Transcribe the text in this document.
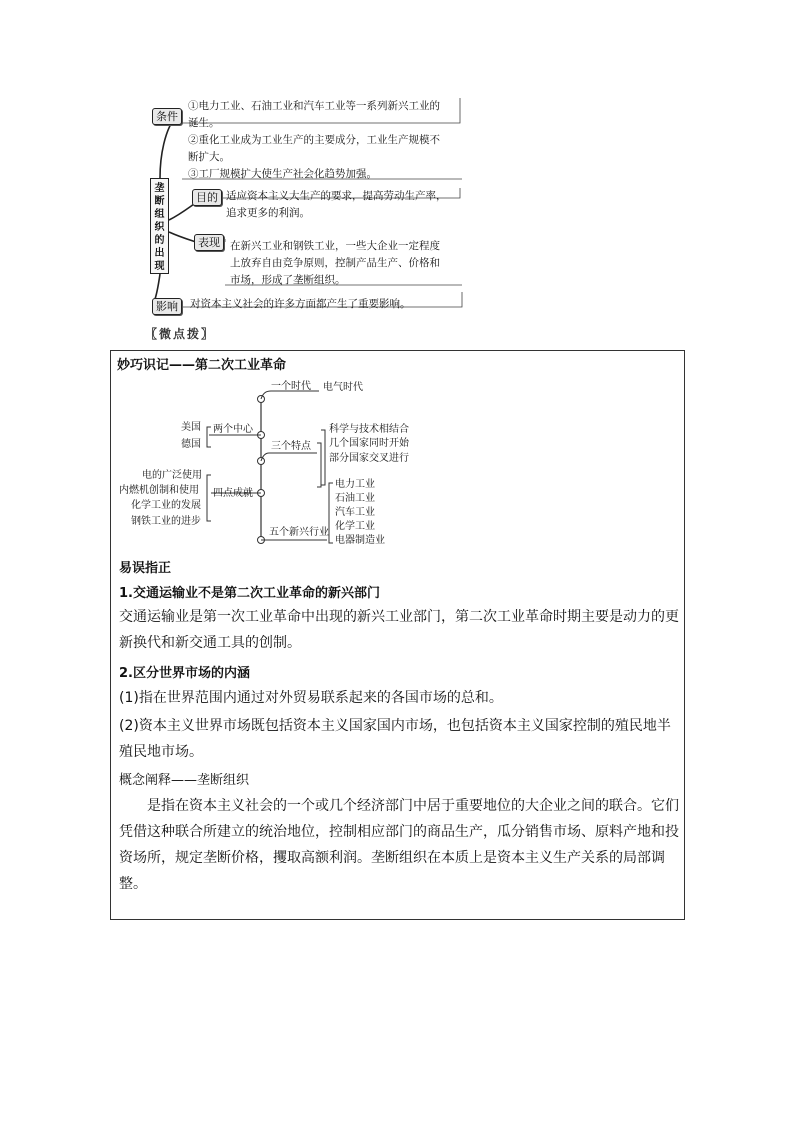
条件
①电力工业、石油工业和汽车工业等一系列新兴工业的
诞生。
②重化工业成为工业生产的主要成分，工业生产规模不
断扩大。
③工厂规模扩大使生产社会化趋势加强。
垄
断
组
织
的
出
现
目的 适应资本主义大生产的要求，提高劳动生产率，
追求更多的利润。
表现 在新兴工业和钢铁工业，一些大企业一定程度
上放弃自由竞争原则，控制产品生产、价格和
市场，形成了垄断组织。
影响	对资本主义社会的许多方面都产生了重要影响。
〖微点拨〗
妙巧识记——第二次工业革命
一个时代 电气时代
美国
德国
两个中心
三个特点
科学与技术相结合
几个国家同时开始
部分国家交叉进行
电的广泛使用
内燃机创制和使用
化学工业的发展
钢铁工业的进步
四点成就
五个新兴行业
电力工业
石油工业
汽车工业
化学工业
电器制造业
易误指正
1.交通运输业不是第二次工业革命的新兴部门
交通运输业是第一次工业革命中出现的新兴工业部门，第二次工业革命时期主要是动力的更新换代和新交通工具的创制。
2.区分世界市场的内涵
(1)指在世界范围内通过对外贸易联系起来的各国市场的总和。
(2)资本主义世界市场既包括资本主义国家国内市场，也包括资本主义国家控制的殖民地半殖民地市场。
概念阐释——垄断组织
是指在资本主义社会的一个或几个经济部门中居于重要地位的大企业之间的联合。它们凭借这种联合所建立的统治地位，控制相应部门的商品生产，瓜分销售市场、原料产地和投资场所，规定垄断价格，攫取高额利润。垄断组织在本质上是资本主义生产关系的局部调整。
